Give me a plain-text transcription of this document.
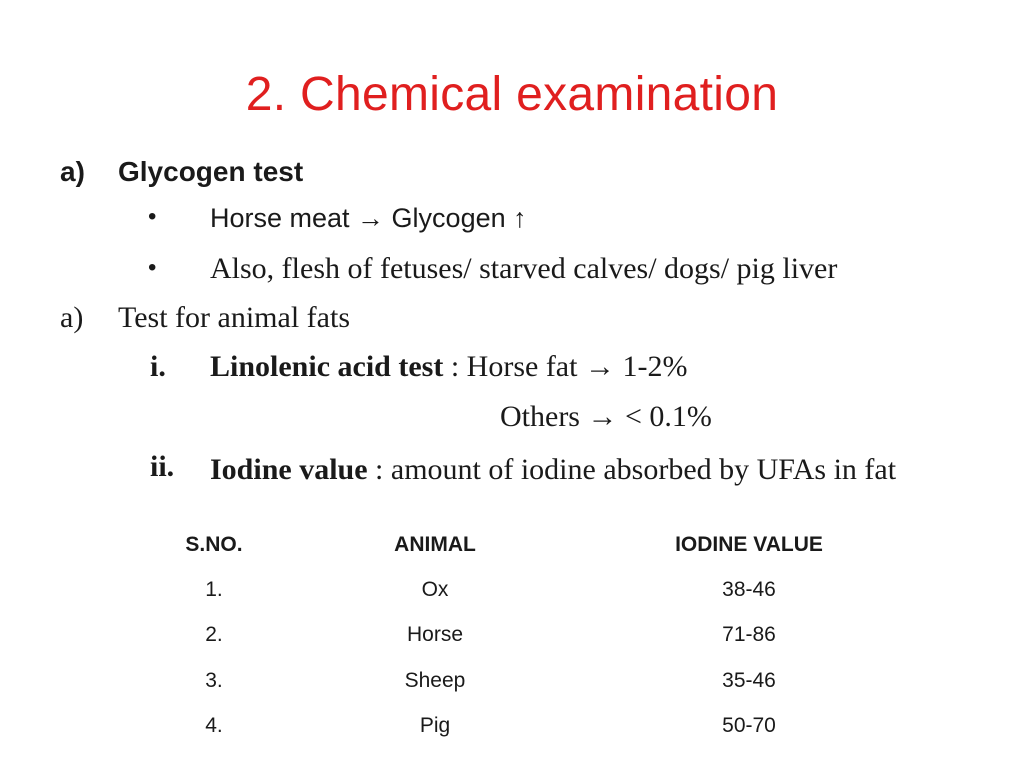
2. Chemical examination
a) Glycogen test
• Horse meat → Glycogen ↑
• Also, flesh of fetuses/ starved calves/ dogs/ pig liver
a) Test for animal fats
i. Linolenic acid test : Horse fat → 1-2%
Others → < 0.1%
ii. Iodine value : amount of iodine absorbed by UFAs in fat
S.NO.	ANIMAL	IODINE VALUE
1.	Ox	38-46
2.	Horse	71-86
3.	Sheep	35-46
4.	Pig	50-70
